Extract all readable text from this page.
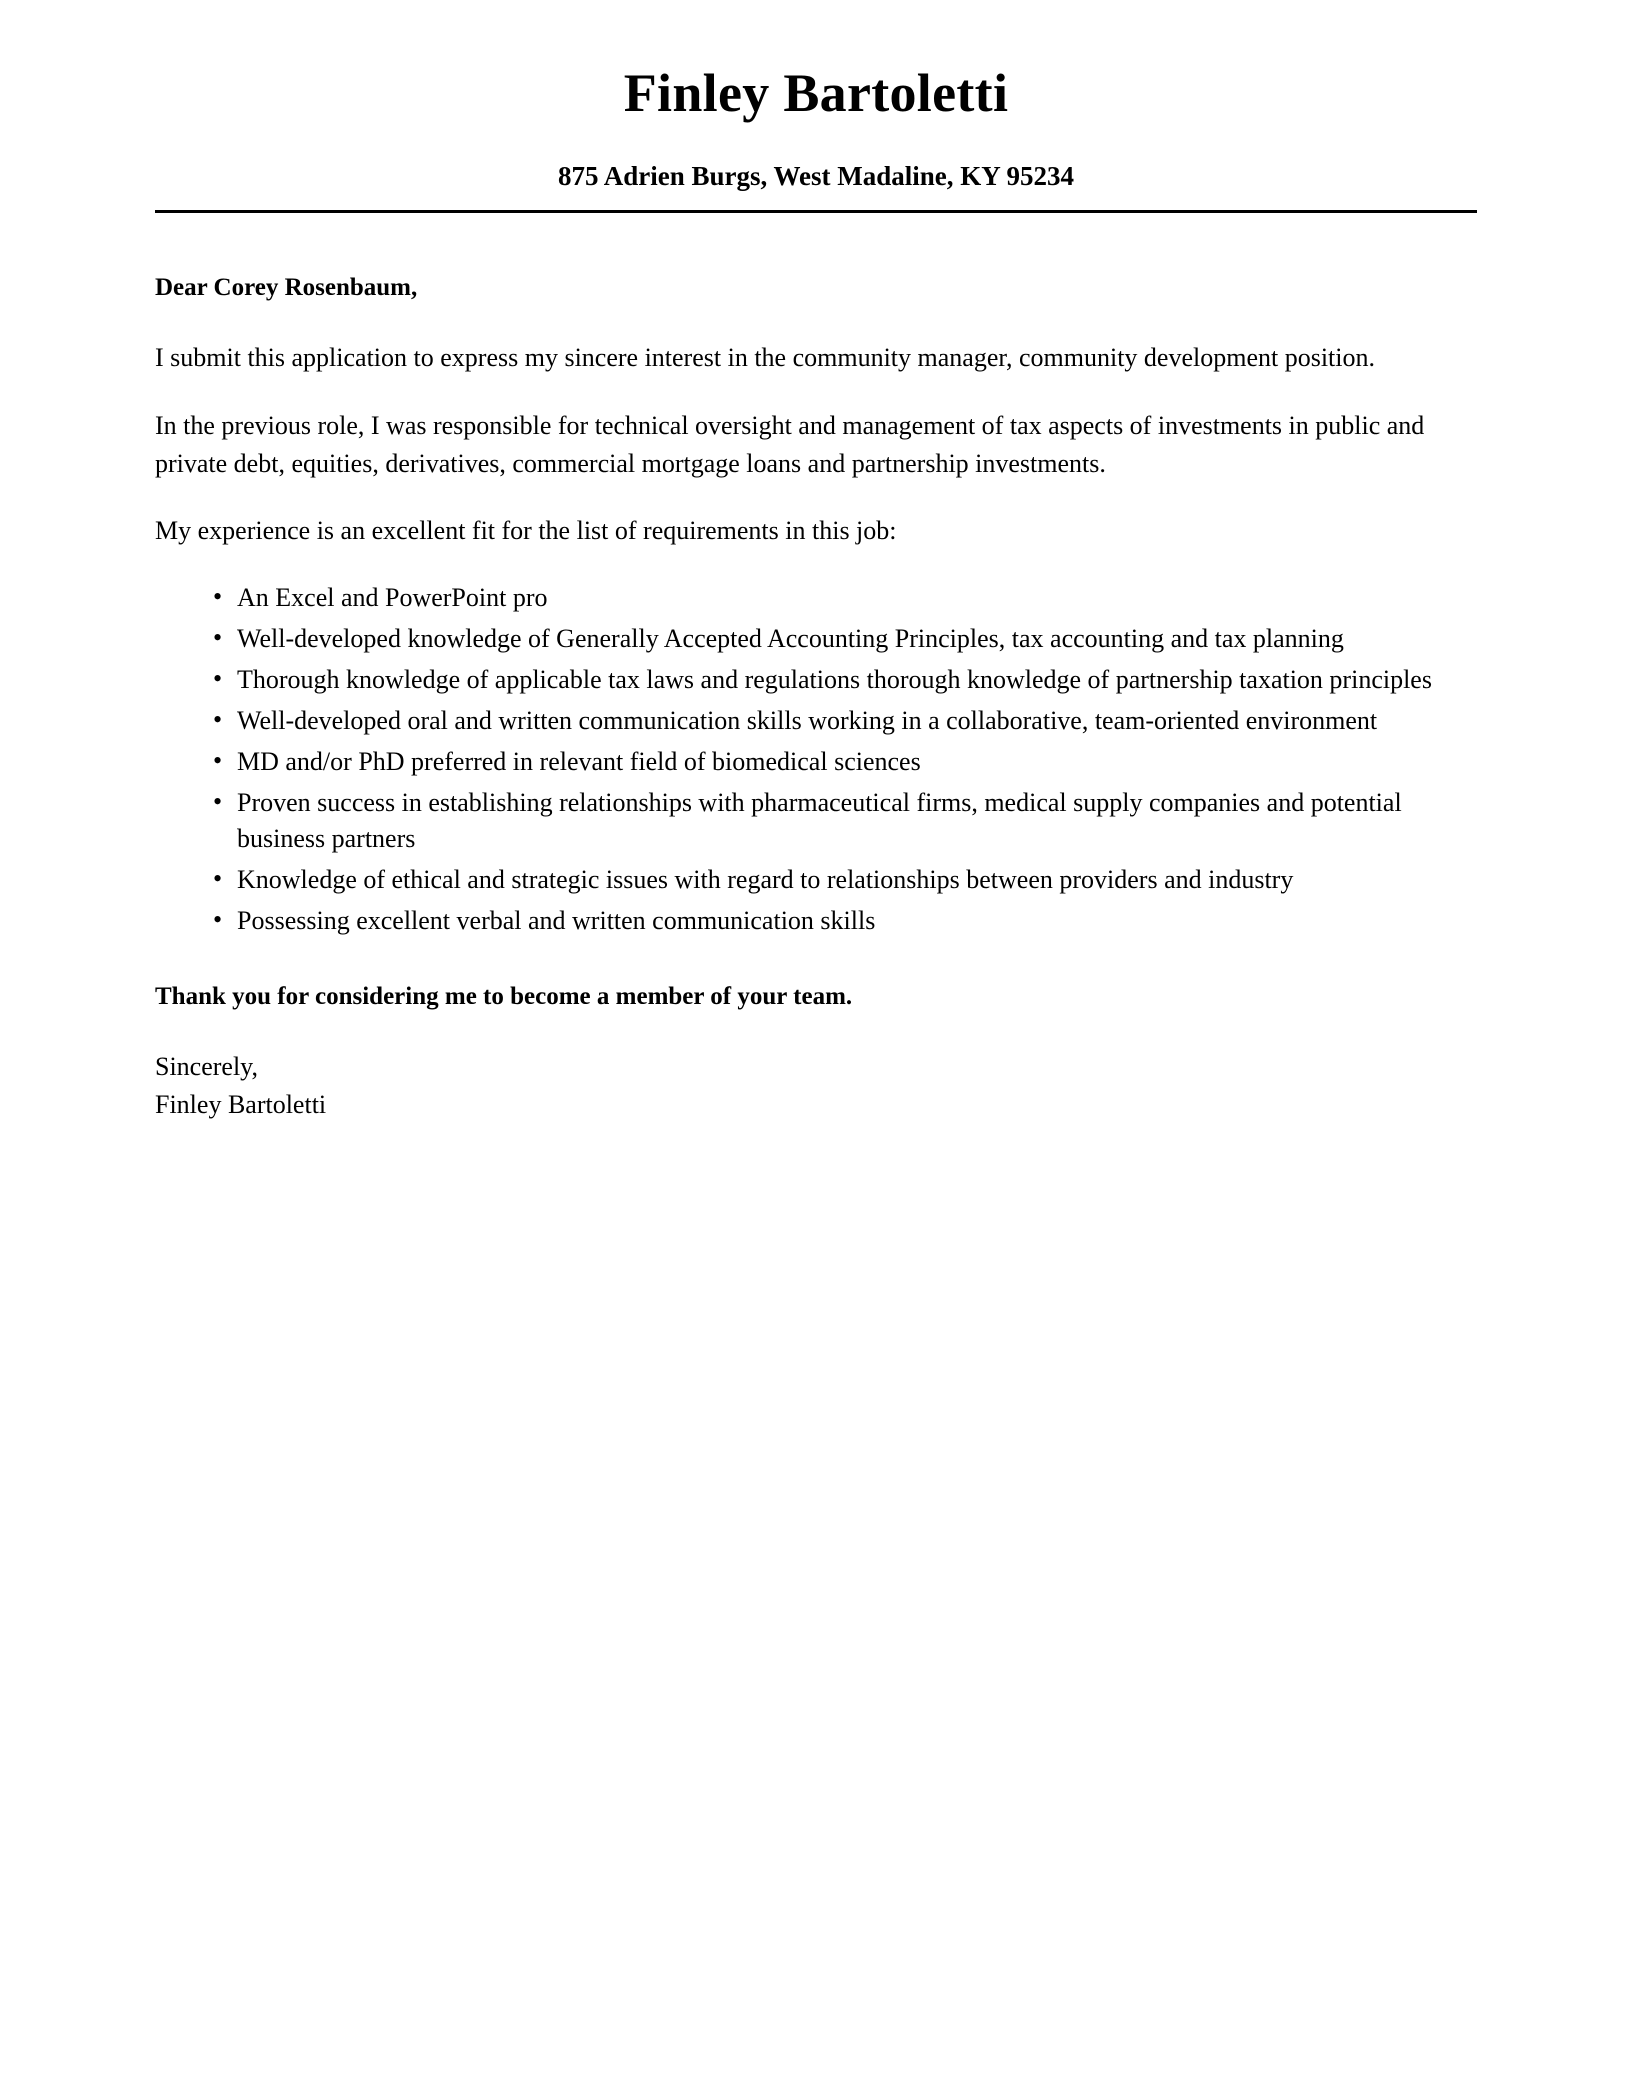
Finley Bartoletti
875 Adrien Burgs, West Madaline, KY 95234
Dear Corey Rosenbaum,

I submit this application to express my sincere interest in the community manager, community development position.

In the previous role, I was responsible for technical oversight and management of tax aspects of investments in public and private debt, equities, derivatives, commercial mortgage loans and partnership investments.

My experience is an excellent fit for the list of requirements in this job:

• An Excel and PowerPoint pro
• Well-developed knowledge of Generally Accepted Accounting Principles, tax accounting and tax planning
• Thorough knowledge of applicable tax laws and regulations thorough knowledge of partnership taxation principles
• Well-developed oral and written communication skills working in a collaborative, team-oriented environment
• MD and/or PhD preferred in relevant field of biomedical sciences
• Proven success in establishing relationships with pharmaceutical firms, medical supply companies and potential business partners
• Knowledge of ethical and strategic issues with regard to relationships between providers and industry
• Possessing excellent verbal and written communication skills
Thank you for considering me to become a member of your team.
Sincerely,
Finley Bartoletti
